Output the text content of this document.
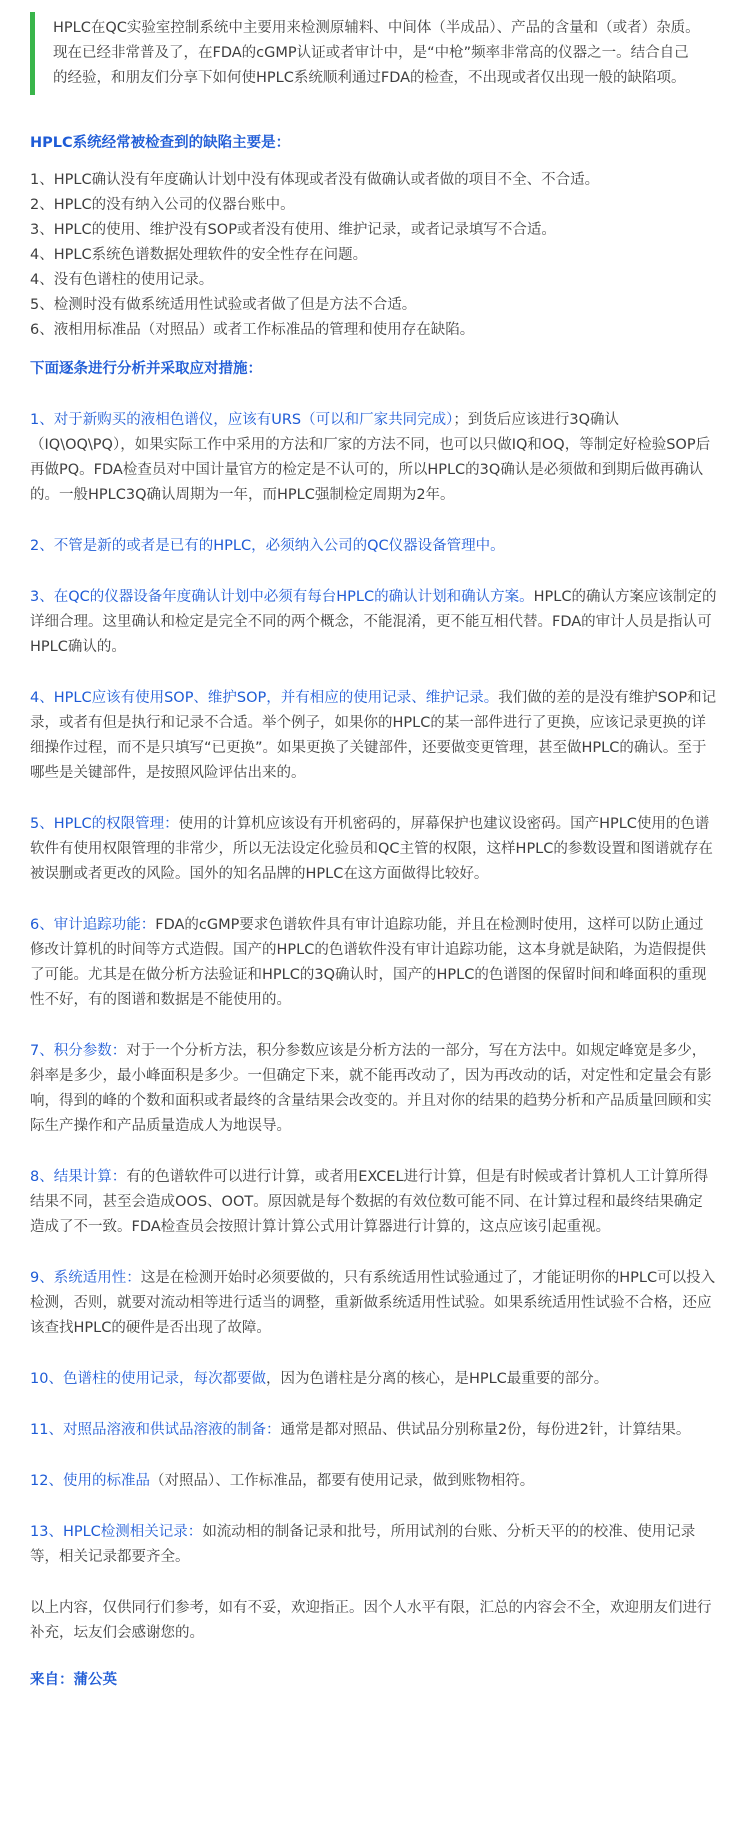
HPLC在QC实验室控制系统中主要用来检测原辅料、中间体（半成品）、产品的含量和（或者）杂质。现在已经非常普及了，在FDA的cGMP认证或者审计中，是“中枪”频率非常高的仪器之一。结合自己的经验，和朋友们分享下如何使HPLC系统顺利通过FDA的检查，不出现或者仅出现一般的缺陷项。

HPLC系统经常被检查到的缺陷主要是：

1、HPLC确认没有年度确认计划中没有体现或者没有做确认或者做的项目不全、不合适。
2、HPLC的没有纳入公司的仪器台账中。
3、HPLC的使用、维护没有SOP或者没有使用、维护记录，或者记录填写不合适。
4、HPLC系统色谱数据处理软件的安全性存在问题。
4、没有色谱柱的使用记录。
5、检测时没有做系统适用性试验或者做了但是方法不合适。
6、液相用标准品（对照品）或者工作标准品的管理和使用存在缺陷。

下面逐条进行分析并采取应对措施：

1、对于新购买的液相色谱仪，应该有URS（可以和厂家共同完成）；到货后应该进行3Q确认（IQ\OQ\PQ），如果实际工作中采用的方法和厂家的方法不同，也可以只做IQ和OQ，等制定好检验SOP后再做PQ。FDA检查员对中国计量官方的检定是不认可的，所以HPLC的3Q确认是必须做和到期后做再确认的。一般HPLC3Q确认周期为一年，而HPLC强制检定周期为2年。

2、不管是新的或者是已有的HPLC，必须纳入公司的QC仪器设备管理中。

3、在QC的仪器设备年度确认计划中必须有每台HPLC的确认计划和确认方案。HPLC的确认方案应该制定的详细合理。这里确认和检定是完全不同的两个概念，不能混淆，更不能互相代替。FDA的审计人员是指认可HPLC确认的。

4、HPLC应该有使用SOP、维护SOP，并有相应的使用记录、维护记录。我们做的差的是没有维护SOP和记录，或者有但是执行和记录不合适。举个例子，如果你的HPLC的某一部件进行了更换，应该记录更换的详细操作过程，而不是只填写“已更换”。如果更换了关键部件，还要做变更管理，甚至做HPLC的确认。至于哪些是关键部件，是按照风险评估出来的。

5、HPLC的权限管理：使用的计算机应该设有开机密码的，屏幕保护也建议设密码。国产HPLC使用的色谱软件有使用权限管理的非常少，所以无法设定化验员和QC主管的权限，这样HPLC的参数设置和图谱就存在被误删或者更改的风险。国外的知名品牌的HPLC在这方面做得比较好。

6、审计追踪功能：FDA的cGMP要求色谱软件具有审计追踪功能，并且在检测时使用，这样可以防止通过修改计算机的时间等方式造假。国产的HPLC的色谱软件没有审计追踪功能，这本身就是缺陷，为造假提供了可能。尤其是在做分析方法验证和HPLC的3Q确认时，国产的HPLC的色谱图的保留时间和峰面积的重现性不好，有的图谱和数据是不能使用的。

7、积分参数：对于一个分析方法，积分参数应该是分析方法的一部分，写在方法中。如规定峰宽是多少，斜率是多少，最小峰面积是多少。一但确定下来，就不能再改动了，因为再改动的话，对定性和定量会有影响，得到的峰的个数和面积或者最终的含量结果会改变的。并且对你的结果的趋势分析和产品质量回顾和实际生产操作和产品质量造成人为地误导。

8、结果计算：有的色谱软件可以进行计算，或者用EXCEL进行计算，但是有时候或者计算机人工计算所得结果不同，甚至会造成OOS、OOT。原因就是每个数据的有效位数可能不同、在计算过程和最终结果确定造成了不一致。FDA检查员会按照计算计算公式用计算器进行计算的，这点应该引起重视。

9、系统适用性：这是在检测开始时必须要做的，只有系统适用性试验通过了，才能证明你的HPLC可以投入检测，否则，就要对流动相等进行适当的调整，重新做系统适用性试验。如果系统适用性试验不合格，还应该查找HPLC的硬件是否出现了故障。

10、色谱柱的使用记录，每次都要做，因为色谱柱是分离的核心，是HPLC最重要的部分。

11、对照品溶液和供试品溶液的制备：通常是都对照品、供试品分别称量2份，每份进2针，计算结果。

12、使用的标准品（对照品）、工作标准品，都要有使用记录，做到账物相符。

13、HPLC检测相关记录：如流动相的制备记录和批号，所用试剂的台账、分析天平的的校准、使用记录等，相关记录都要齐全。

以上内容，仅供同行们参考，如有不妥，欢迎指正。因个人水平有限，汇总的内容会不全，欢迎朋友们进行补充，坛友们会感谢您的。

来自：蒲公英
